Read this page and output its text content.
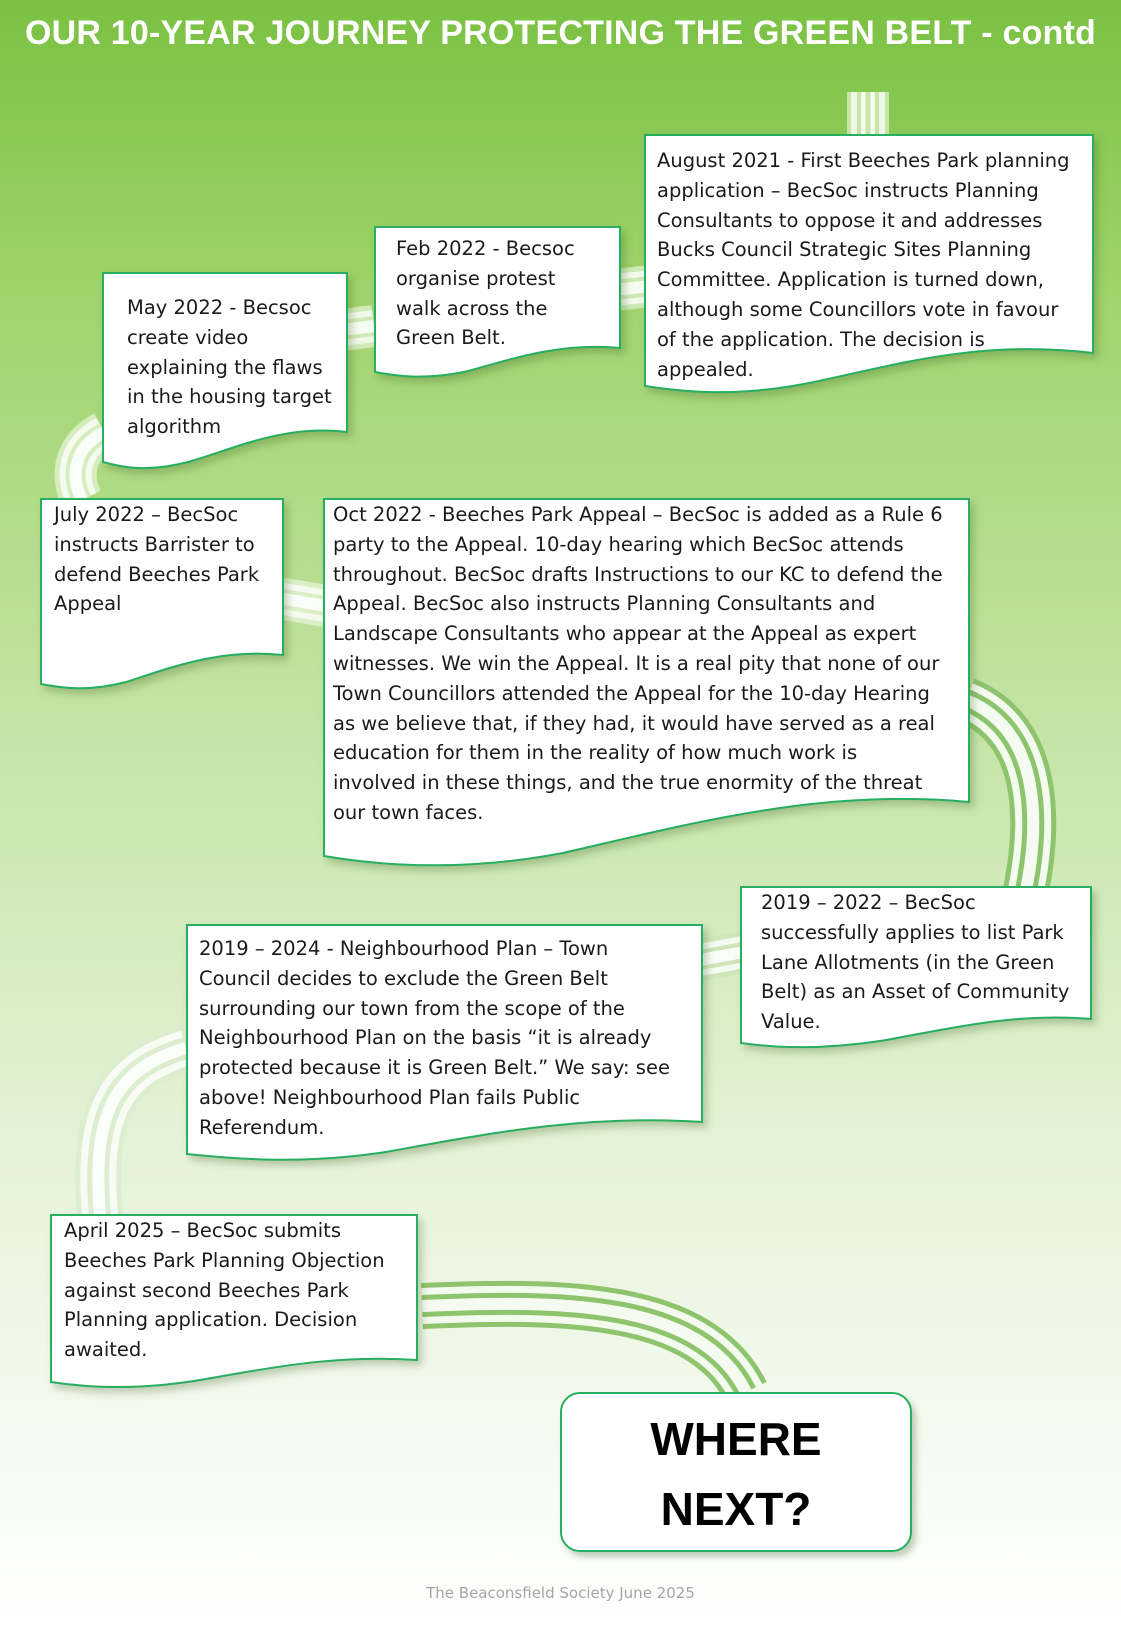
OUR 10-YEAR JOURNEY PROTECTING THE GREEN BELT - contd
August 2021 - First Beeches Park planning
application – BecSoc instructs Planning
Consultants to oppose it and addresses
Bucks Council Strategic Sites Planning
Committee. Application is turned down,
although some Councillors vote in favour
of the application. The decision is
appealed.
Feb 2022 - Becsoc
organise protest
walk across the
Green Belt.
May 2022 - Becsoc
create video
explaining the flaws
in the housing target
algorithm
July 2022 – BecSoc
instructs Barrister to
defend Beeches Park
Appeal
Oct 2022 - Beeches Park Appeal – BecSoc is added as a Rule 6
party to the Appeal. 10-day hearing which BecSoc attends
throughout. BecSoc drafts Instructions to our KC to defend the
Appeal. BecSoc also instructs Planning Consultants and
Landscape Consultants who appear at the Appeal as expert
witnesses. We win the Appeal. It is a real pity that none of our
Town Councillors attended the Appeal for the 10-day Hearing
as we believe that, if they had, it would have served as a real
education for them in the reality of how much work is
involved in these things, and the true enormity of the threat
our town faces.
2019 – 2022 – BecSoc
successfully applies to list Park
Lane Allotments (in the Green
Belt) as an Asset of Community
Value.
2019 – 2024 - Neighbourhood Plan – Town
Council decides to exclude the Green Belt
surrounding our town from the scope of the
Neighbourhood Plan on the basis “it is already
protected because it is Green Belt.” We say: see
above! Neighbourhood Plan fails Public
Referendum.
April 2025 – BecSoc submits
Beeches Park Planning Objection
against second Beeches Park
Planning application. Decision
awaited.
WHERE
NEXT?
The Beaconsfield Society June 2025
